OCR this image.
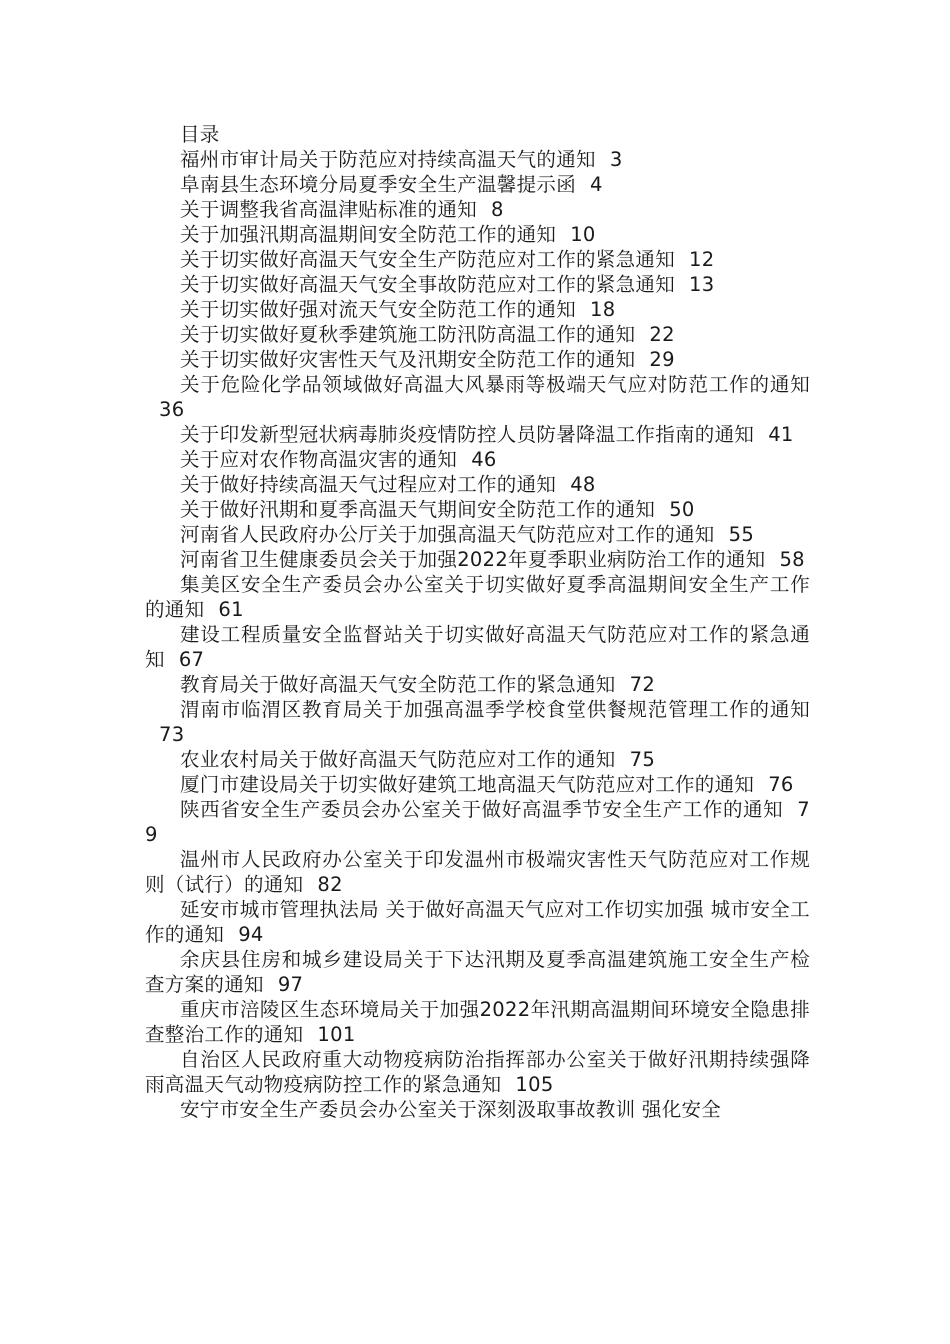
目录
福州市审计局关于防范应对持续高温天气的通知 3
阜南县生态环境分局夏季安全生产温馨提示函 4
关于调整我省高温津贴标准的通知 8
关于加强汛期高温期间安全防范工作的通知 10
关于切实做好高温天气安全生产防范应对工作的紧急通知 12
关于切实做好高温天气安全事故防范应对工作的紧急通知 13
关于切实做好强对流天气安全防范工作的通知 18
关于切实做好夏秋季建筑施工防汛防高温工作的通知 22
关于切实做好灾害性天气及汛期安全防范工作的通知 29
关于危险化学品领域做好高温大风暴雨等极端天气应对防范工作的通知36
关于印发新型冠状病毒肺炎疫情防控人员防暑降温工作指南的通知 41
关于应对农作物高温灾害的通知 46
关于做好持续高温天气过程应对工作的通知 48
关于做好汛期和夏季高温天气期间安全防范工作的通知 50
河南省人民政府办公厅关于加强高温天气防范应对工作的通知 55
河南省卫生健康委员会关于加强2022年夏季职业病防治工作的通知 58
集美区安全生产委员会办公室关于切实做好夏季高温期间安全生产工作的通知 61
建设工程质量安全监督站关于切实做好高温天气防范应对工作的紧急通知 67
教育局关于做好高温天气安全防范工作的紧急通知 72
渭南市临渭区教育局关于加强高温季学校食堂供餐规范管理工作的通知73
农业农村局关于做好高温天气防范应对工作的通知 75
厦门市建设局关于切实做好建筑工地高温天气防范应对工作的通知 76
陕西省安全生产委员会办公室关于做好高温季节安全生产工作的通知 79
温州市人民政府办公室关于印发温州市极端灾害性天气防范应对工作规则（试行）的通知 82
延安市城市管理执法局 关于做好高温天气应对工作切实加强 城市安全工作的通知 94
余庆县住房和城乡建设局关于下达汛期及夏季高温建筑施工安全生产检查方案的通知 97
重庆市涪陵区生态环境局关于加强2022年汛期高温期间环境安全隐患排查整治工作的通知 101
自治区人民政府重大动物疫病防治指挥部办公室关于做好汛期持续强降雨高温天气动物疫病防控工作的紧急通知 105
安宁市安全生产委员会办公室关于深刻汲取事故教训 强化安全
